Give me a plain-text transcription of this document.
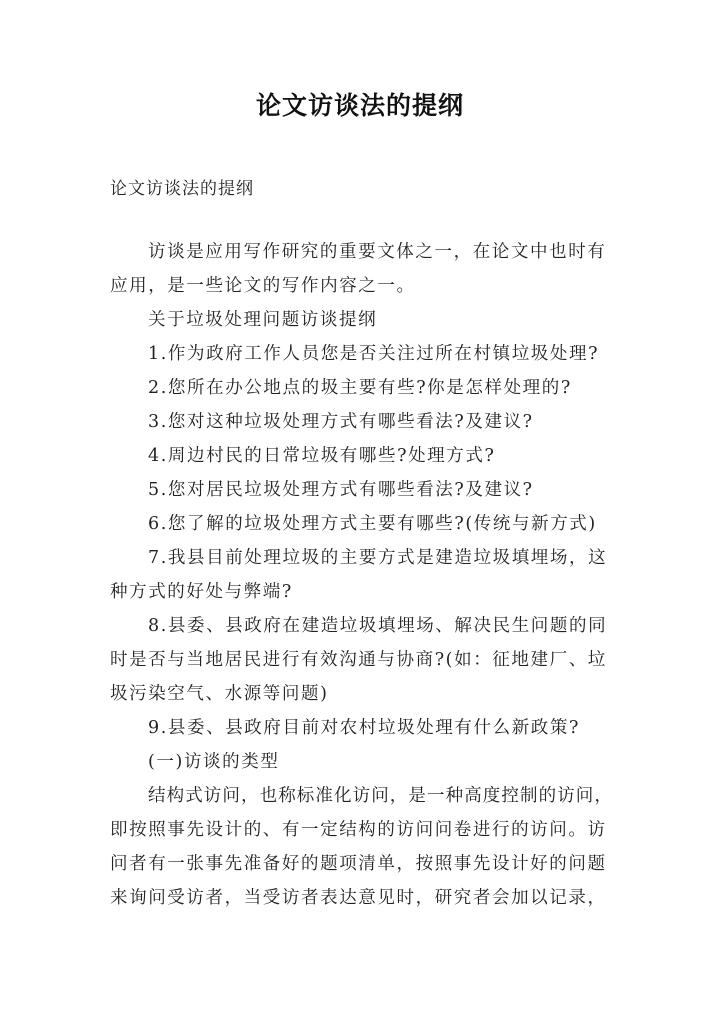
论文访谈法的提纲
论文访谈法的提纲
访谈是应用写作研究的重要文体之一，在论文中也时有
应用，是一些论文的写作内容之一。
关于垃圾处理问题访谈提纲
1.作为政府工作人员您是否关注过所在村镇垃圾处理?
2.您所在办公地点的圾主要有些?你是怎样处理的?
3.您对这种垃圾处理方式有哪些看法?及建议?
4.周边村民的日常垃圾有哪些?处理方式?
5.您对居民垃圾处理方式有哪些看法?及建议?
6.您了解的垃圾处理方式主要有哪些?(传统与新方式)
7.我县目前处理垃圾的主要方式是建造垃圾填埋场，这
种方式的好处与弊端?
8.县委、县政府在建造垃圾填埋场、解决民生问题的同
时是否与当地居民进行有效沟通与协商?(如：征地建厂、垃
圾污染空气、水源等问题)
9.县委、县政府目前对农村垃圾处理有什么新政策?
(一)访谈的类型
结构式访问，也称标准化访问，是一种高度控制的访问，
即按照事先设计的、有一定结构的访问问卷进行的访问。访
问者有一张事先准备好的题项清单，按照事先设计好的问题
来询问受访者，当受访者表达意见时，研究者会加以记录，
